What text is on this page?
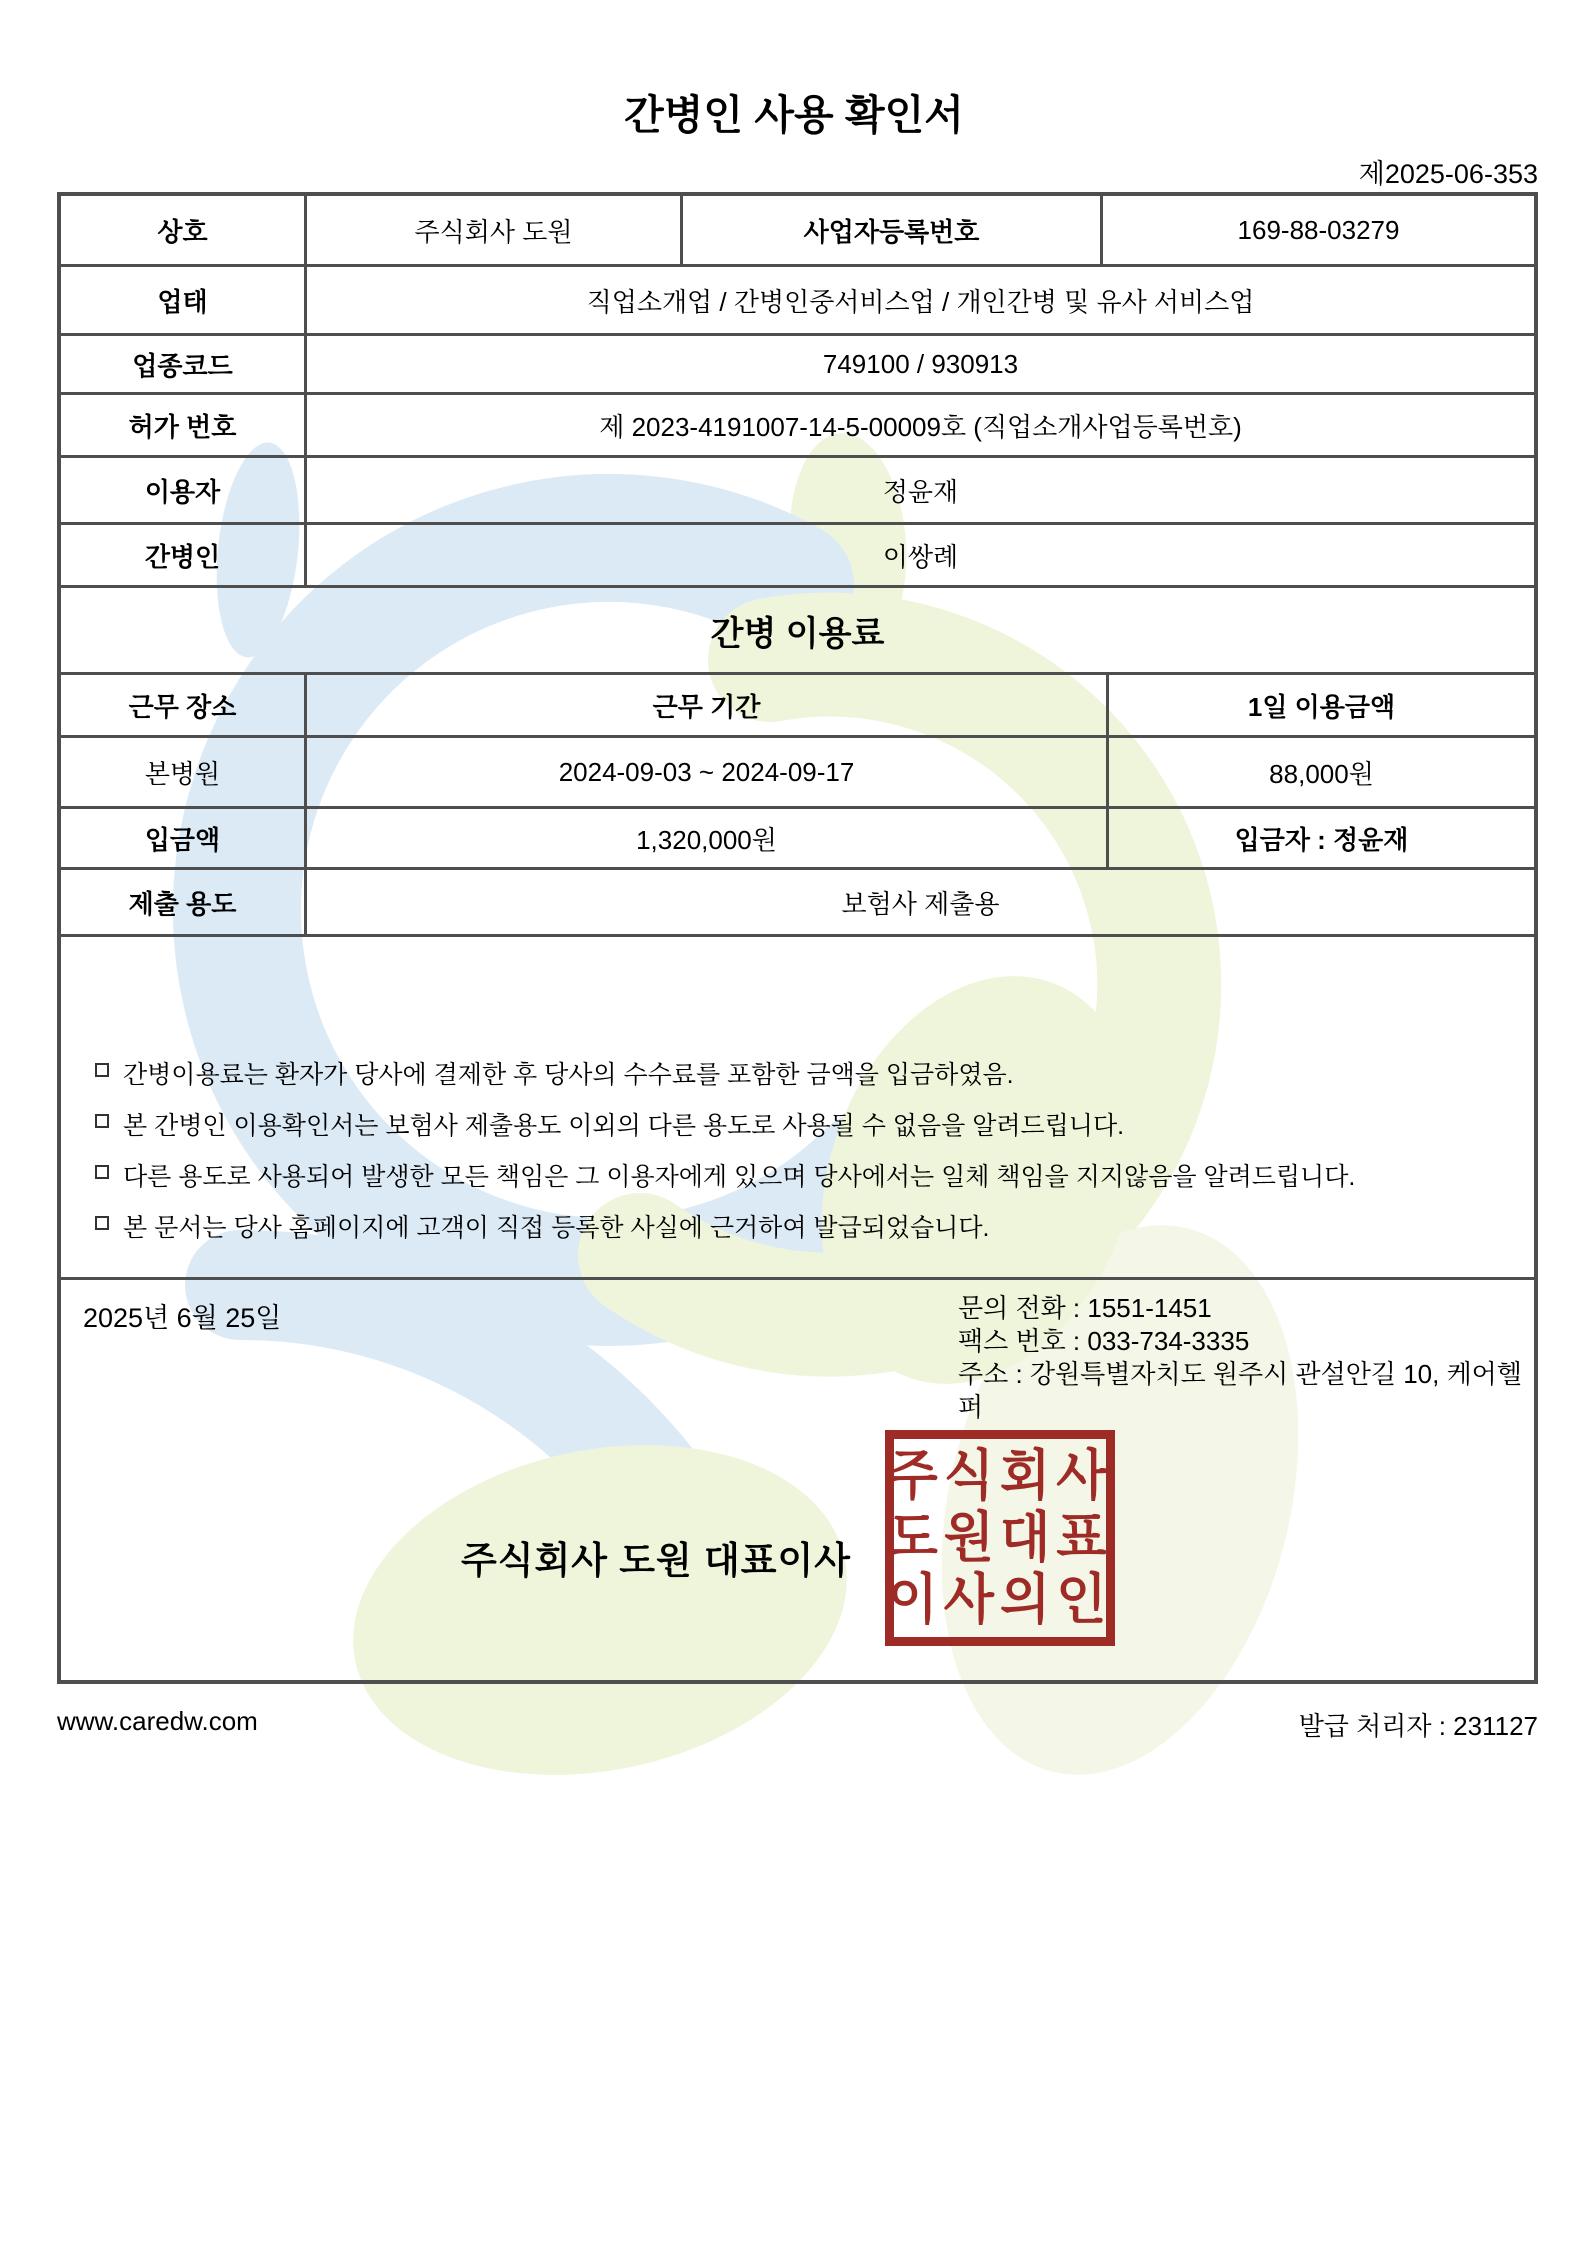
간병인 사용 확인서
제2025-06-353
상호	주식회사 도원	사업자등록번호	169-88-03279
업태	직업소개업 / 간병인중서비스업 / 개인간병 및 유사 서비스업
업종코드	749100 / 930913
허가 번호	제 2023-4191007-14-5-00009호 (직업소개사업등록번호)
이용자	정윤재
간병인	이쌍례
간병 이용료
근무 장소	근무 기간	1일 이용금액
본병원	2024-09-03 ~ 2024-09-17	88,000원
입금액	1,320,000원	입금자 : 정윤재
제출 용도	보험사 제출용
간병이용료는 환자가 당사에 결제한 후 당사의 수수료를 포함한 금액을 입금하였음.
본 간병인 이용확인서는 보험사 제출용도 이외의 다른 용도로 사용될 수 없음을 알려드립니다.
다른 용도로 사용되어 발생한 모든 책임은 그 이용자에게 있으며 당사에서는 일체 책임을 지지않음을 알려드립니다.
본 문서는 당사 홈페이지에 고객이 직접 등록한 사실에 근거하여 발급되었습니다.
2025년 6월 25일	문의 전화 : 1551-1451
팩스 번호 : 033-734-3335
주소 : 강원특별자치도 원주시 관설안길 10, 케어헬퍼
주식회사 도원 대표이사
주식회사
도원대표
이사의인
www.caredw.com	발급 처리자 : 231127
